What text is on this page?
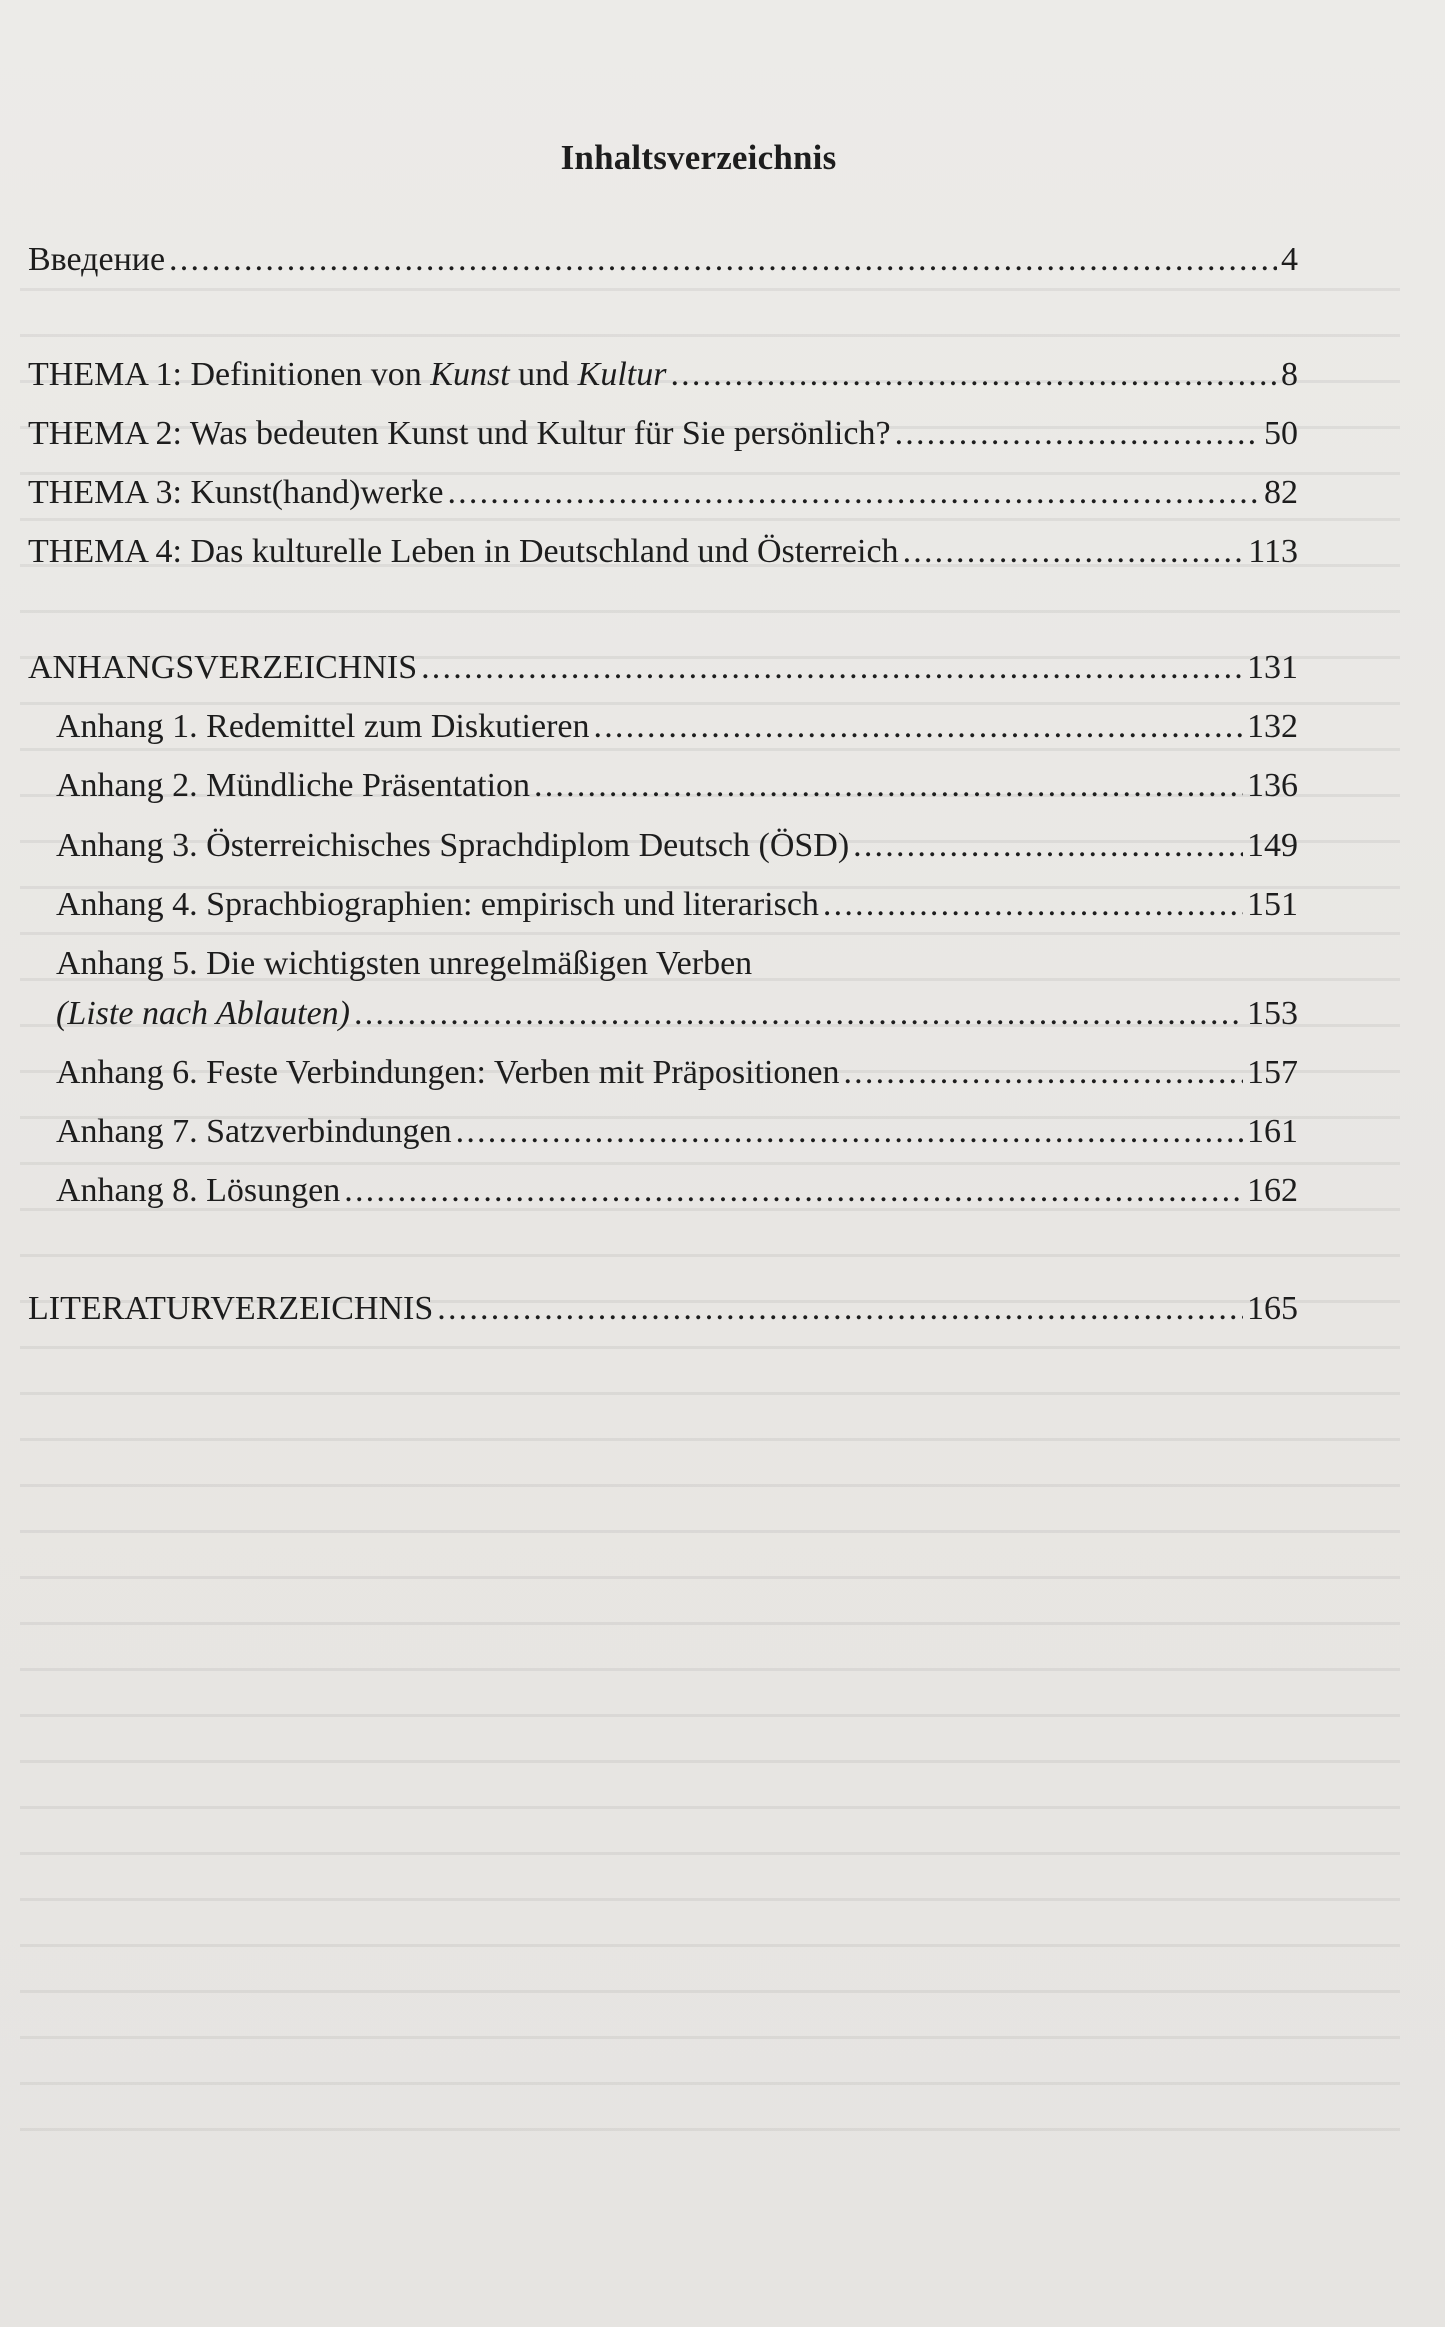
Inhaltsverzeichnis
Введение .....	4
THEMA 1: Definitionen von Kunst und Kultur .....	8
THEMA 2: Was bedeuten Kunst und Kultur für Sie persönlich? .....	50
THEMA 3: Kunst(hand)werke .....	82
THEMA 4: Das kulturelle Leben in Deutschland und Österreich .....	113
ANHANGSVERZEICHNIS .....	131
Anhang 1. Redemittel zum Diskutieren .....	132
Anhang 2. Mündliche Präsentation .....	136
Anhang 3. Österreichisches Sprachdiplom Deutsch (ÖSD) .....	149
Anhang 4. Sprachbiographien: empirisch und literarisch .....	151
Anhang 5. Die wichtigsten unregelmäßigen Verben
(Liste nach Ablauten) .....	153
Anhang 6. Feste Verbindungen: Verben mit Präpositionen .....	157
Anhang 7. Satzverbindungen .....	161
Anhang 8. Lösungen .....	162
LITERATURVERZEICHNIS .....	165
